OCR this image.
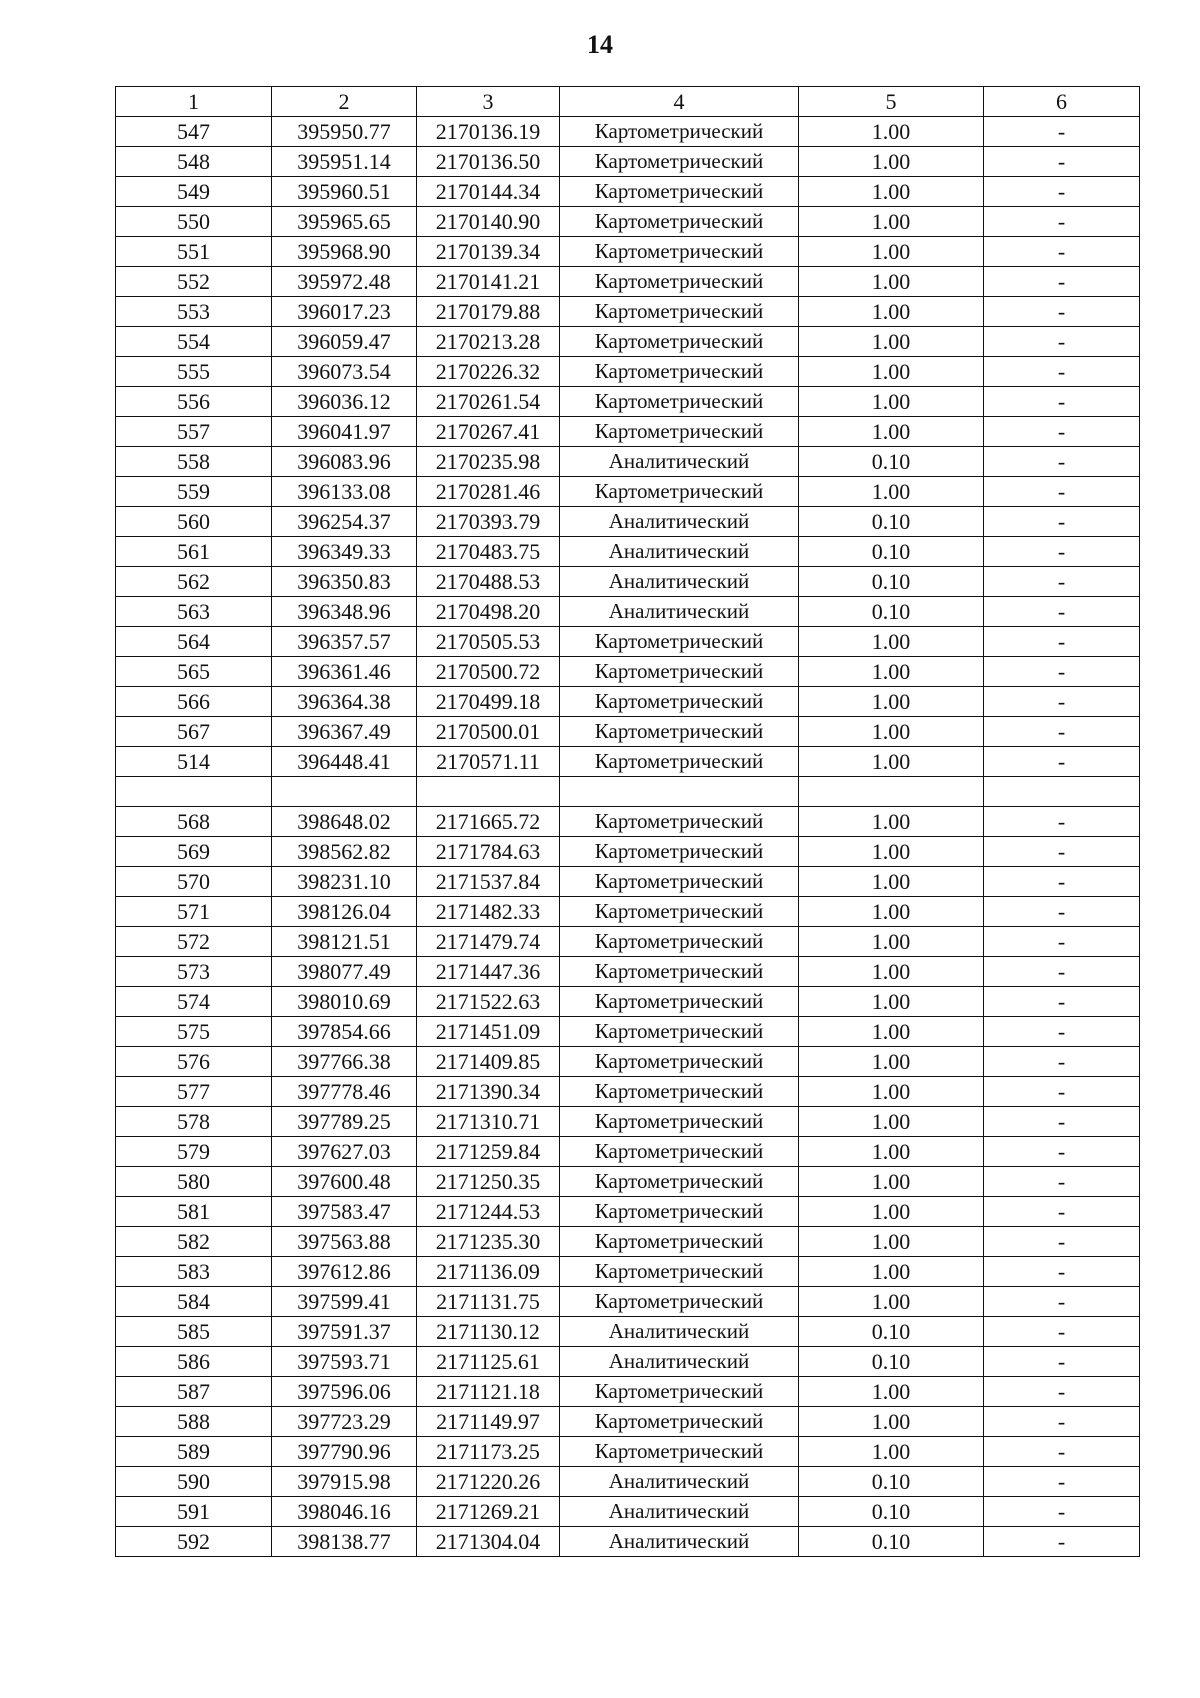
14
1	2	3	4	5	6
547	395950.77	2170136.19	Картометрический	1.00	-
548	395951.14	2170136.50	Картометрический	1.00	-
549	395960.51	2170144.34	Картометрический	1.00	-
550	395965.65	2170140.90	Картометрический	1.00	-
551	395968.90	2170139.34	Картометрический	1.00	-
552	395972.48	2170141.21	Картометрический	1.00	-
553	396017.23	2170179.88	Картометрический	1.00	-
554	396059.47	2170213.28	Картометрический	1.00	-
555	396073.54	2170226.32	Картометрический	1.00	-
556	396036.12	2170261.54	Картометрический	1.00	-
557	396041.97	2170267.41	Картометрический	1.00	-
558	396083.96	2170235.98	Аналитический	0.10	-
559	396133.08	2170281.46	Картометрический	1.00	-
560	396254.37	2170393.79	Аналитический	0.10	-
561	396349.33	2170483.75	Аналитический	0.10	-
562	396350.83	2170488.53	Аналитический	0.10	-
563	396348.96	2170498.20	Аналитический	0.10	-
564	396357.57	2170505.53	Картометрический	1.00	-
565	396361.46	2170500.72	Картометрический	1.00	-
566	396364.38	2170499.18	Картометрический	1.00	-
567	396367.49	2170500.01	Картометрический	1.00	-
514	396448.41	2170571.11	Картометрический	1.00	-

568	398648.02	2171665.72	Картометрический	1.00	-
569	398562.82	2171784.63	Картометрический	1.00	-
570	398231.10	2171537.84	Картометрический	1.00	-
571	398126.04	2171482.33	Картометрический	1.00	-
572	398121.51	2171479.74	Картометрический	1.00	-
573	398077.49	2171447.36	Картометрический	1.00	-
574	398010.69	2171522.63	Картометрический	1.00	-
575	397854.66	2171451.09	Картометрический	1.00	-
576	397766.38	2171409.85	Картометрический	1.00	-
577	397778.46	2171390.34	Картометрический	1.00	-
578	397789.25	2171310.71	Картометрический	1.00	-
579	397627.03	2171259.84	Картометрический	1.00	-
580	397600.48	2171250.35	Картометрический	1.00	-
581	397583.47	2171244.53	Картометрический	1.00	-
582	397563.88	2171235.30	Картометрический	1.00	-
583	397612.86	2171136.09	Картометрический	1.00	-
584	397599.41	2171131.75	Картометрический	1.00	-
585	397591.37	2171130.12	Аналитический	0.10	-
586	397593.71	2171125.61	Аналитический	0.10	-
587	397596.06	2171121.18	Картометрический	1.00	-
588	397723.29	2171149.97	Картометрический	1.00	-
589	397790.96	2171173.25	Картометрический	1.00	-
590	397915.98	2171220.26	Аналитический	0.10	-
591	398046.16	2171269.21	Аналитический	0.10	-
592	398138.77	2171304.04	Аналитический	0.10	-
